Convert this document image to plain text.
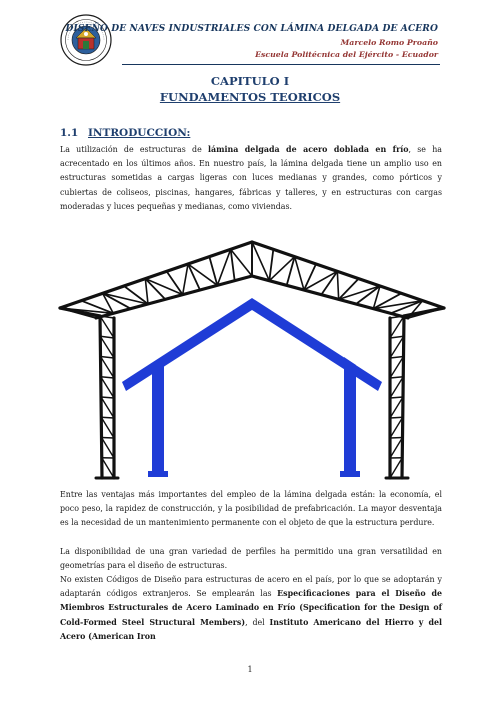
DISEÑO DE NAVES INDUSTRIALES CON LÁMINA DELGADA DE ACERO
Marcelo Romo Proaño
Escuela Politécnica del Ejército - Ecuador
CAPITULO I
FUNDAMENTOS TEORICOS
1.1 INTRODUCCION:

La utilización de estructuras de lámina delgada de acero doblada en frío, se ha acrecentado en los últimos años. En nuestro país, la lámina delgada tiene un amplio uso en estructuras sometidas a cargas ligeras con luces medianas y grandes, como pórticos y cubiertas de coliseos, piscinas, hangares, fábricas y talleres, y en estructuras con cargas moderadas y luces pequeñas y medianas, como viviendas.

Entre las ventajas más importantes del empleo de la lámina delgada están: la economía, el poco peso, la rapidez de construcción, y la posibilidad de prefabricación. La mayor desventaja es la necesidad de un mantenimiento permanente con el objeto de que la estructura perdure.

La disponibilidad de una gran variedad de perfiles ha permitido una gran versatilidad en geometrías para el diseño de estructuras.

No existen Códigos de Diseño para estructuras de acero en el país, por lo que se adoptarán y adaptarán códigos extranjeros. Se emplearán las Especificaciones para el Diseño de Miembros Estructurales de Acero Laminado en Frío (Specification for the Design of Cold-Formed Steel Structural Members), del Instituto Americano del Hierro y del Acero (American Iron

1
